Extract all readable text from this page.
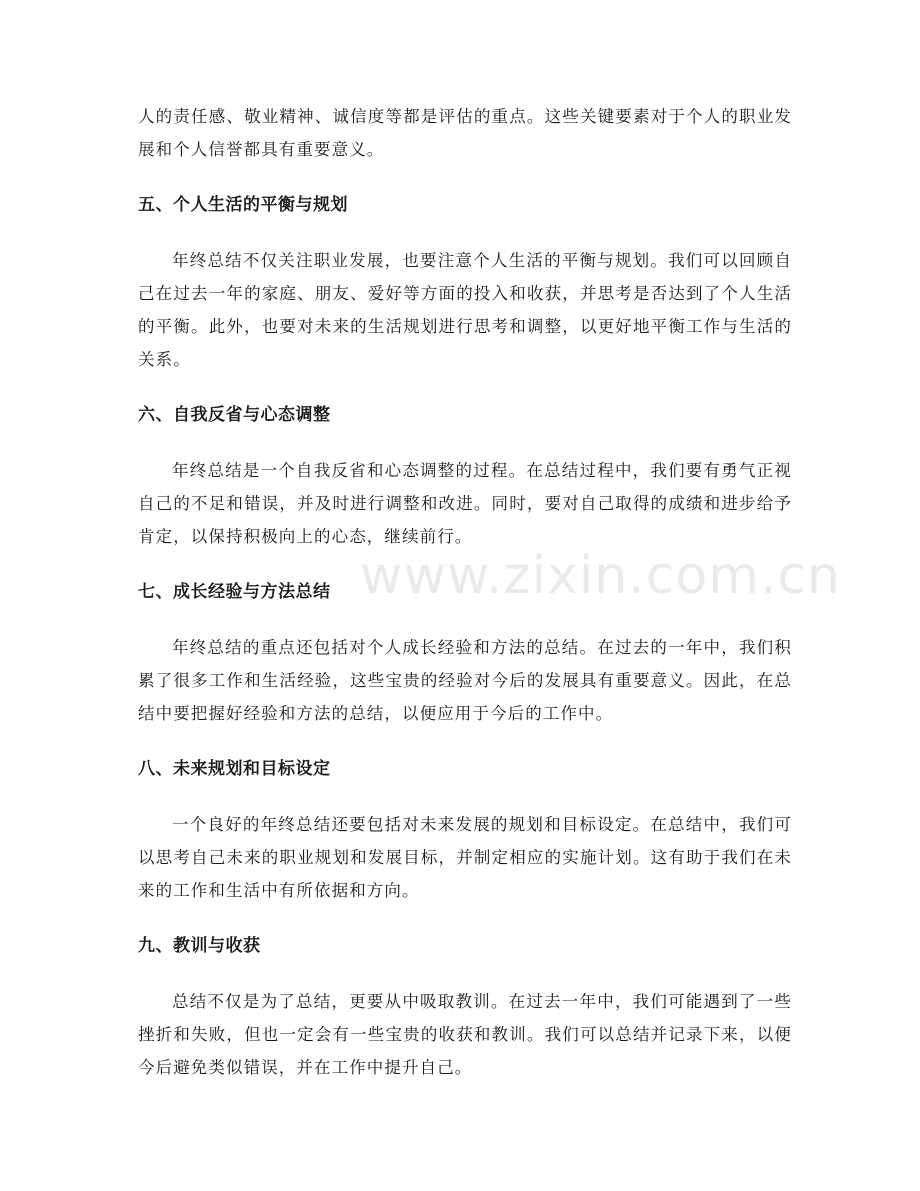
人的责任感、敬业精神、诚信度等都是评估的重点。这些关键要素对于个人的职业发展和个人信誉都具有重要意义。

五、个人生活的平衡与规划

年终总结不仅关注职业发展，也要注意个人生活的平衡与规划。我们可以回顾自己在过去一年的家庭、朋友、爱好等方面的投入和收获，并思考是否达到了个人生活的平衡。此外，也要对未来的生活规划进行思考和调整，以更好地平衡工作与生活的关系。

六、自我反省与心态调整

年终总结是一个自我反省和心态调整的过程。在总结过程中，我们要有勇气正视自己的不足和错误，并及时进行调整和改进。同时，要对自己取得的成绩和进步给予肯定，以保持积极向上的心态，继续前行。

七、成长经验与方法总结

年终总结的重点还包括对个人成长经验和方法的总结。在过去的一年中，我们积累了很多工作和生活经验，这些宝贵的经验对今后的发展具有重要意义。因此，在总结中要把握好经验和方法的总结，以便应用于今后的工作中。

八、未来规划和目标设定

一个良好的年终总结还要包括对未来发展的规划和目标设定。在总结中，我们可以思考自己未来的职业规划和发展目标，并制定相应的实施计划。这有助于我们在未来的工作和生活中有所依据和方向。

九、教训与收获

总结不仅是为了总结，更要从中吸取教训。在过去一年中，我们可能遇到了一些挫折和失败，但也一定会有一些宝贵的收获和教训。我们可以总结并记录下来，以便今后避免类似错误，并在工作中提升自己。

www.zixin.com.cn
